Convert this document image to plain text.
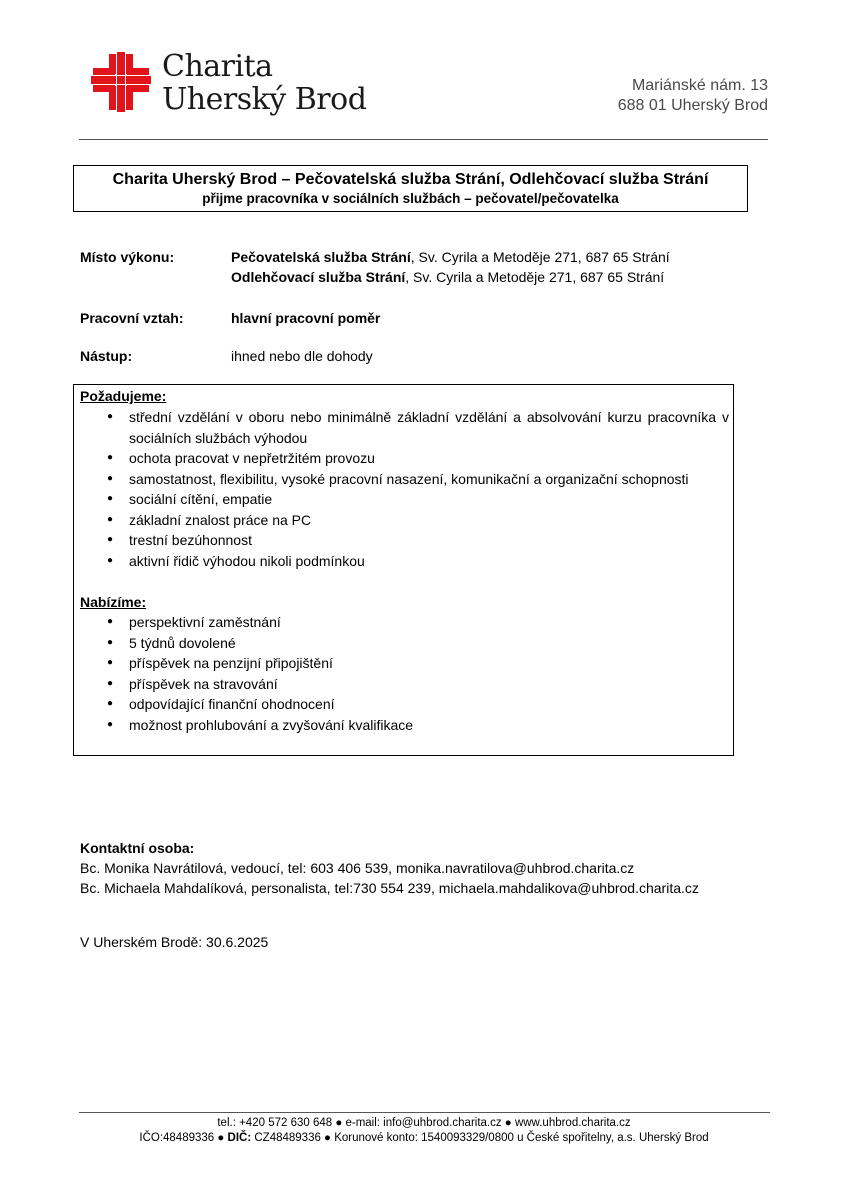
Charita
Uherský Brod	Mariánské nám. 13
688 01 Uherský Brod
Charita Uherský Brod – Pečovatelská služba Strání, Odlehčovací služba Strání
přijme pracovníka v sociálních službách – pečovatel/pečovatelka
Místo výkonu:	Pečovatelská služba Strání, Sv. Cyrila a Metoděje 271, 687 65 Strání
Odlehčovací služba Strání, Sv. Cyrila a Metoděje 271, 687 65 Strání
Pracovní vztah:	hlavní pracovní poměr
Nástup:	ihned nebo dle dohody
Požadujeme:
● střední vzdělání v oboru nebo minimálně základní vzdělání a absolvování kurzu pracovníka v sociálních službách výhodou
● ochota pracovat v nepřetržitém provozu
● samostatnost, flexibilitu, vysoké pracovní nasazení, komunikační a organizační schopnosti
● sociální cítění, empatie
● základní znalost práce na PC
● trestní bezúhonnost
● aktivní řidič výhodou nikoli podmínkou
Nabízíme:
● perspektivní zaměstnání
● 5 týdnů dovolené
● příspěvek na penzijní připojištění
● příspěvek na stravování
● odpovídající finanční ohodnocení
● možnost prohlubování a zvyšování kvalifikace
Kontaktní osoba:
Bc. Monika Navrátilová, vedoucí, tel: 603 406 539, monika.navratilova@uhbrod.charita.cz
Bc. Michaela Mahdalíková, personalista, tel:730 554 239, michaela.mahdalikova@uhbrod.charita.cz
V Uherském Brodě: 30.6.2025
tel.: +420 572 630 648 ● e-mail: info@uhbrod.charita.cz ● www.uhbrod.charita.cz
IČO:48489336 ● DIČ: CZ48489336 ● Korunové konto: 1540093329/0800 u České spořitelny, a.s. Uherský Brod
